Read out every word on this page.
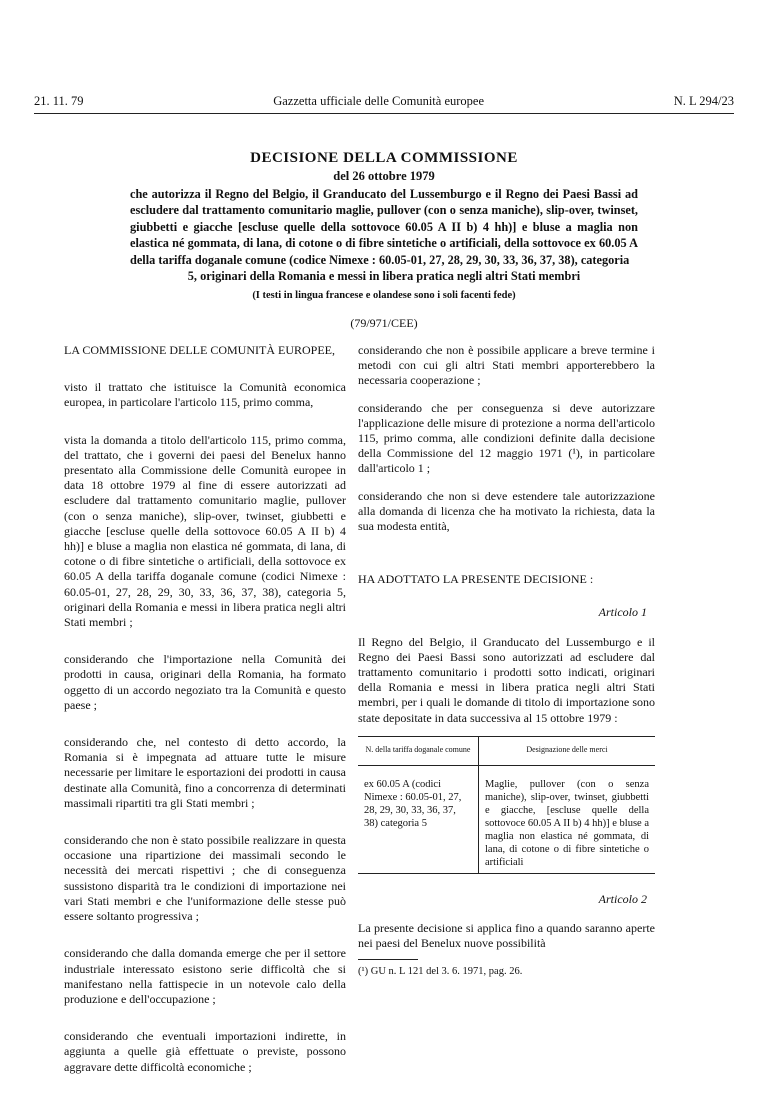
21. 11. 79	Gazzetta ufficiale delle Comunità europee	N. L 294/23
DECISIONE DELLA COMMISSIONE
del 26 ottobre 1979
che autorizza il Regno del Belgio, il Granducato del Lussemburgo e il Regno dei Paesi Bassi ad escludere dal trattamento comunitario maglie, pullover (con o senza maniche), slip-over, twinset, giubbetti e giacche [escluse quelle della sottovoce 60.05 A II b) 4 hh)] e bluse a maglia non elastica né gommata, di lana, di cotone o di fibre sintetiche o artificiali, della sottovoce ex 60.05 A della tariffa doganale comune (codice Nimexe : 60.05-01, 27, 28, 29, 30, 33, 36, 37, 38), categoria
5, originari della Romania e messi in libera pratica negli altri Stati membri
(I testi in lingua francese e olandese sono i soli facenti fede)
(79/971/CEE)

LA COMMISSIONE DELLE COMUNITÀ EUROPEE,

visto il trattato che istituisce la Comunità economica europea, in particolare l'articolo 115, primo comma,

vista la domanda a titolo dell'articolo 115, primo comma, del trattato, che i governi dei paesi del Benelux hanno presentato alla Commissione delle Comunità europee in data 18 ottobre 1979 al fine di essere autorizzati ad escludere dal trattamento comunitario maglie, pullover (con o senza maniche), slip-over, twinset, giubbetti e giacche [escluse quelle della sottovoce 60.05 A II b) 4 hh)] e bluse a maglia non elastica né gommata, di lana, di cotone o di fibre sintetiche o artificiali, della sottovoce ex 60.05 A della tariffa doganale comune (codici Nimexe : 60.05-01, 27, 28, 29, 30, 33, 36, 37, 38), categoria 5, originari della Romania e messi in libera pratica negli altri Stati membri ;

considerando che l'importazione nella Comunità dei prodotti in causa, originari della Romania, ha formato oggetto di un accordo negoziato tra la Comunità e questo paese ;

considerando che, nel contesto di detto accordo, la Romania si è impegnata ad attuare tutte le misure necessarie per limitare le esportazioni dei prodotti in causa destinate alla Comunità, fino a concorrenza di determinati massimali ripartiti tra gli Stati membri ;

considerando che non è stato possibile realizzare in questa occasione una ripartizione dei massimali secondo le necessità dei mercati rispettivi ; che di conseguenza sussistono disparità tra le condizioni di importazione nei vari Stati membri e che l'uniformazione delle stesse può essere soltanto progressiva ;

considerando che dalla domanda emerge che per il settore industriale interessato esistono serie difficoltà che si manifestano nella fattispecie in un notevole calo della produzione e dell'occupazione ;

considerando che eventuali importazioni indirette, in aggiunta a quelle già effettuate o previste, possono aggravare dette difficoltà economiche ;

considerando che non è possibile applicare a breve termine i metodi con cui gli altri Stati membri apporterebbero la necessaria cooperazione ;

considerando che per conseguenza si deve autorizzare l'applicazione delle misure di protezione a norma dell'articolo 115, primo comma, alle condizioni definite dalla decisione della Commissione del 12 maggio 1971 (¹), in particolare dall'articolo 1 ;

considerando che non si deve estendere tale autorizzazione alla domanda di licenza che ha motivato la richiesta, data la sua modesta entità,

HA ADOTTATO LA PRESENTE DECISIONE :

Articolo 1

Il Regno del Belgio, il Granducato del Lussemburgo e il Regno dei Paesi Bassi sono autorizzati ad escludere dal trattamento comunitario i prodotti sotto indicati, originari della Romania e messi in libera pratica negli altri Stati membri, per i quali le domande di titolo di importazione sono state depositate in data successiva al 15 ottobre 1979 :

N. della tariffa doganale comune	Designazione delle merci
ex 60.05 A (codici Nimexe : 60.05-01, 27, 28, 29, 30, 33, 36, 37, 38) categoria 5	Maglie, pullover (con o senza maniche), slip-over, twinset, giubbetti e giacche, [escluse quelle della sottovoce 60.05 A II b) 4 hh)] e bluse a maglia non elastica né gommata, di lana, di cotone o di fibre sintetiche o artificiali
Articolo 2

La presente decisione si applica fino a quando saranno aperte nei paesi del Benelux nuove possibilità

(¹) GU n. L 121 del 3. 6. 1971, pag. 26.
